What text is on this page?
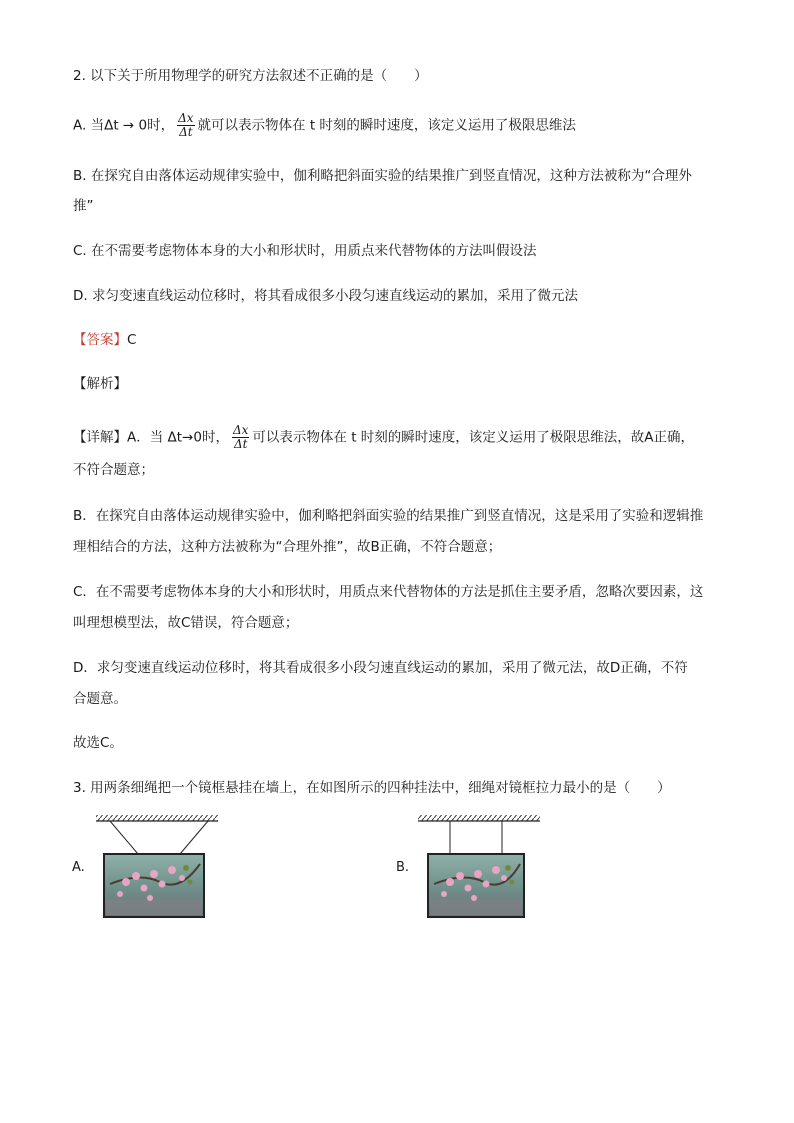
2. 以下关于所用物理学的研究方法叙述不正确的是（　　）
A. 当Δt → 0时， $\frac{\Delta x}{\Delta t}$ 就可以表示物体在 t 时刻的瞬时速度，该定义运用了极限思维法
B. 在探究自由落体运动规律实验中，伽利略把斜面实验的结果推广到竖直情况，这种方法被称为“合理外
推”
C. 在不需要考虑物体本身的大小和形状时，用质点来代替物体的方法叫假设法
D. 求匀变速直线运动位移时，将其看成很多小段匀速直线运动的累加，采用了微元法
【答案】C
【解析】
【详解】A．当 Δt→0时， $\frac{\Delta x}{\Delta t}$ 可以表示物体在 t 时刻的瞬时速度，该定义运用了极限思维法，故A正确，
不符合题意；
B．在探究自由落体运动规律实验中，伽利略把斜面实验的结果推广到竖直情况，这是采用了实验和逻辑推
理相结合的方法，这种方法被称为“合理外推”，故B正确，不符合题意；
C．在不需要考虑物体本身的大小和形状时，用质点来代替物体的方法是抓住主要矛盾，忽略次要因素，这
叫理想模型法，故C错误，符合题意；
D．求匀变速直线运动位移时，将其看成很多小段匀速直线运动的累加，采用了微元法，故D正确，不符
合题意。
故选C。
3. 用两条细绳把一个镜框悬挂在墙上，在如图所示的四种挂法中，细绳对镜框拉力最小的是（　　）
A.	B.
